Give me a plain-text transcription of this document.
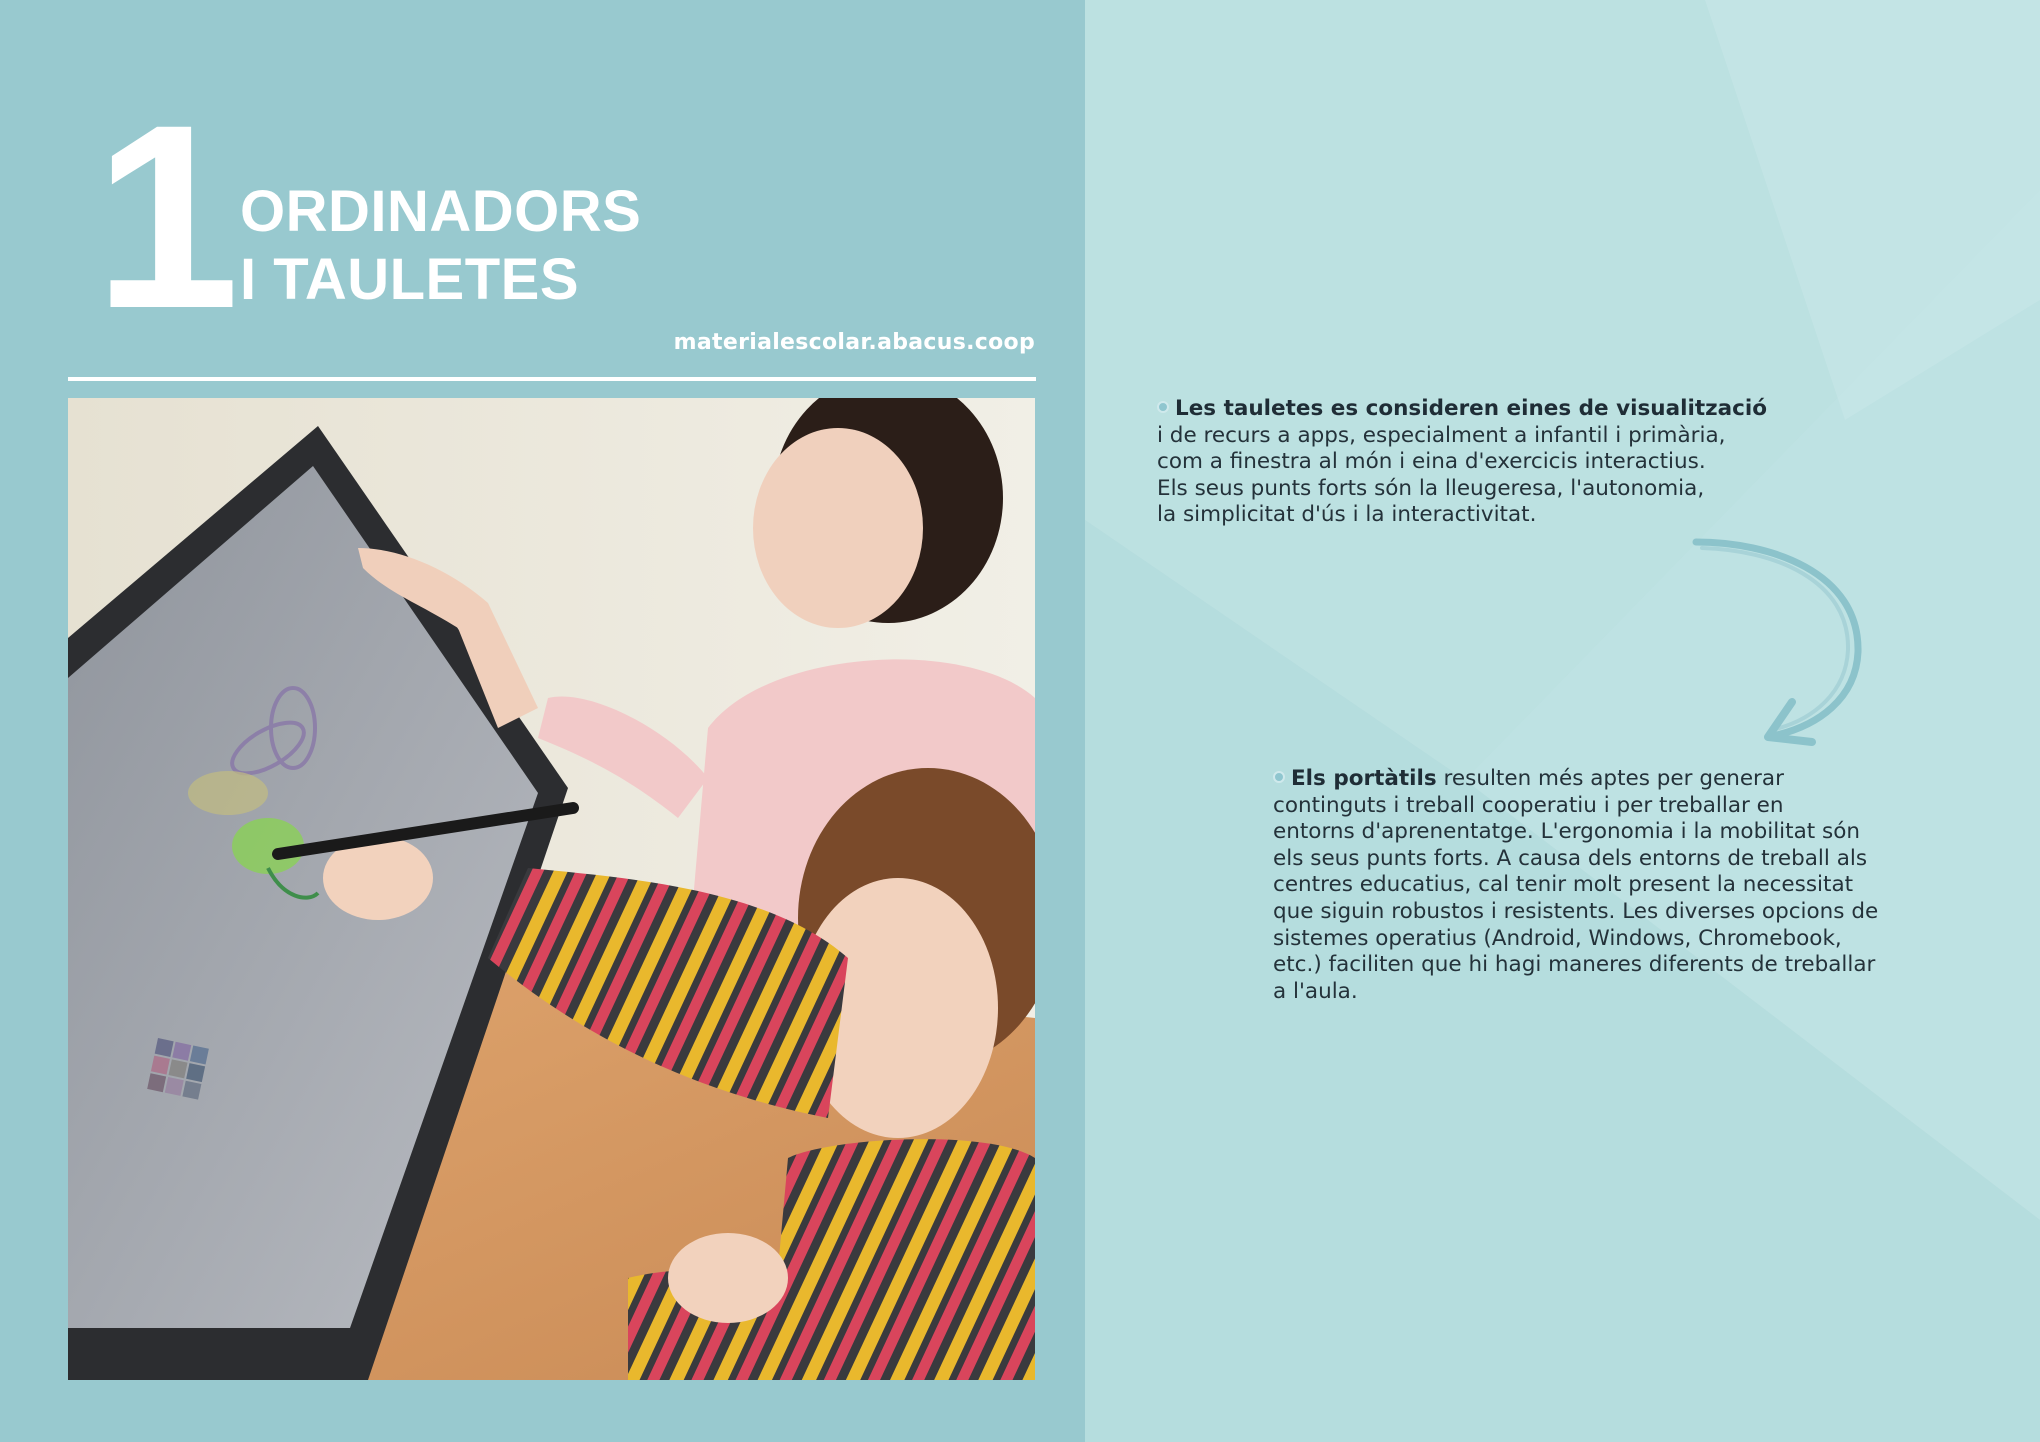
1 ORDINADORS
I TAULETES
materialescolar.abacus.coop

Les tauletes es consideren eines de visualització

i de recurs a apps, especialment a infantil i primària,

com a finestra al món i eina d'exercicis interactius.

Els seus punts forts són la lleugeresa, l'autonomia,

la simplicitat d'ús i la interactivitat.

Els portàtils resulten més aptes per generar

continguts i treball cooperatiu i per treballar en

entorns d'aprenentatge. L'ergonomia i la mobilitat són

els seus punts forts. A causa dels entorns de treball als

centres educatius, cal tenir molt present la necessitat

que siguin robustos i resistents. Les diverses opcions de

sistemes operatius (Android, Windows, Chromebook,

etc.) faciliten que hi hagi maneres diferents de treballar

a l'aula.
